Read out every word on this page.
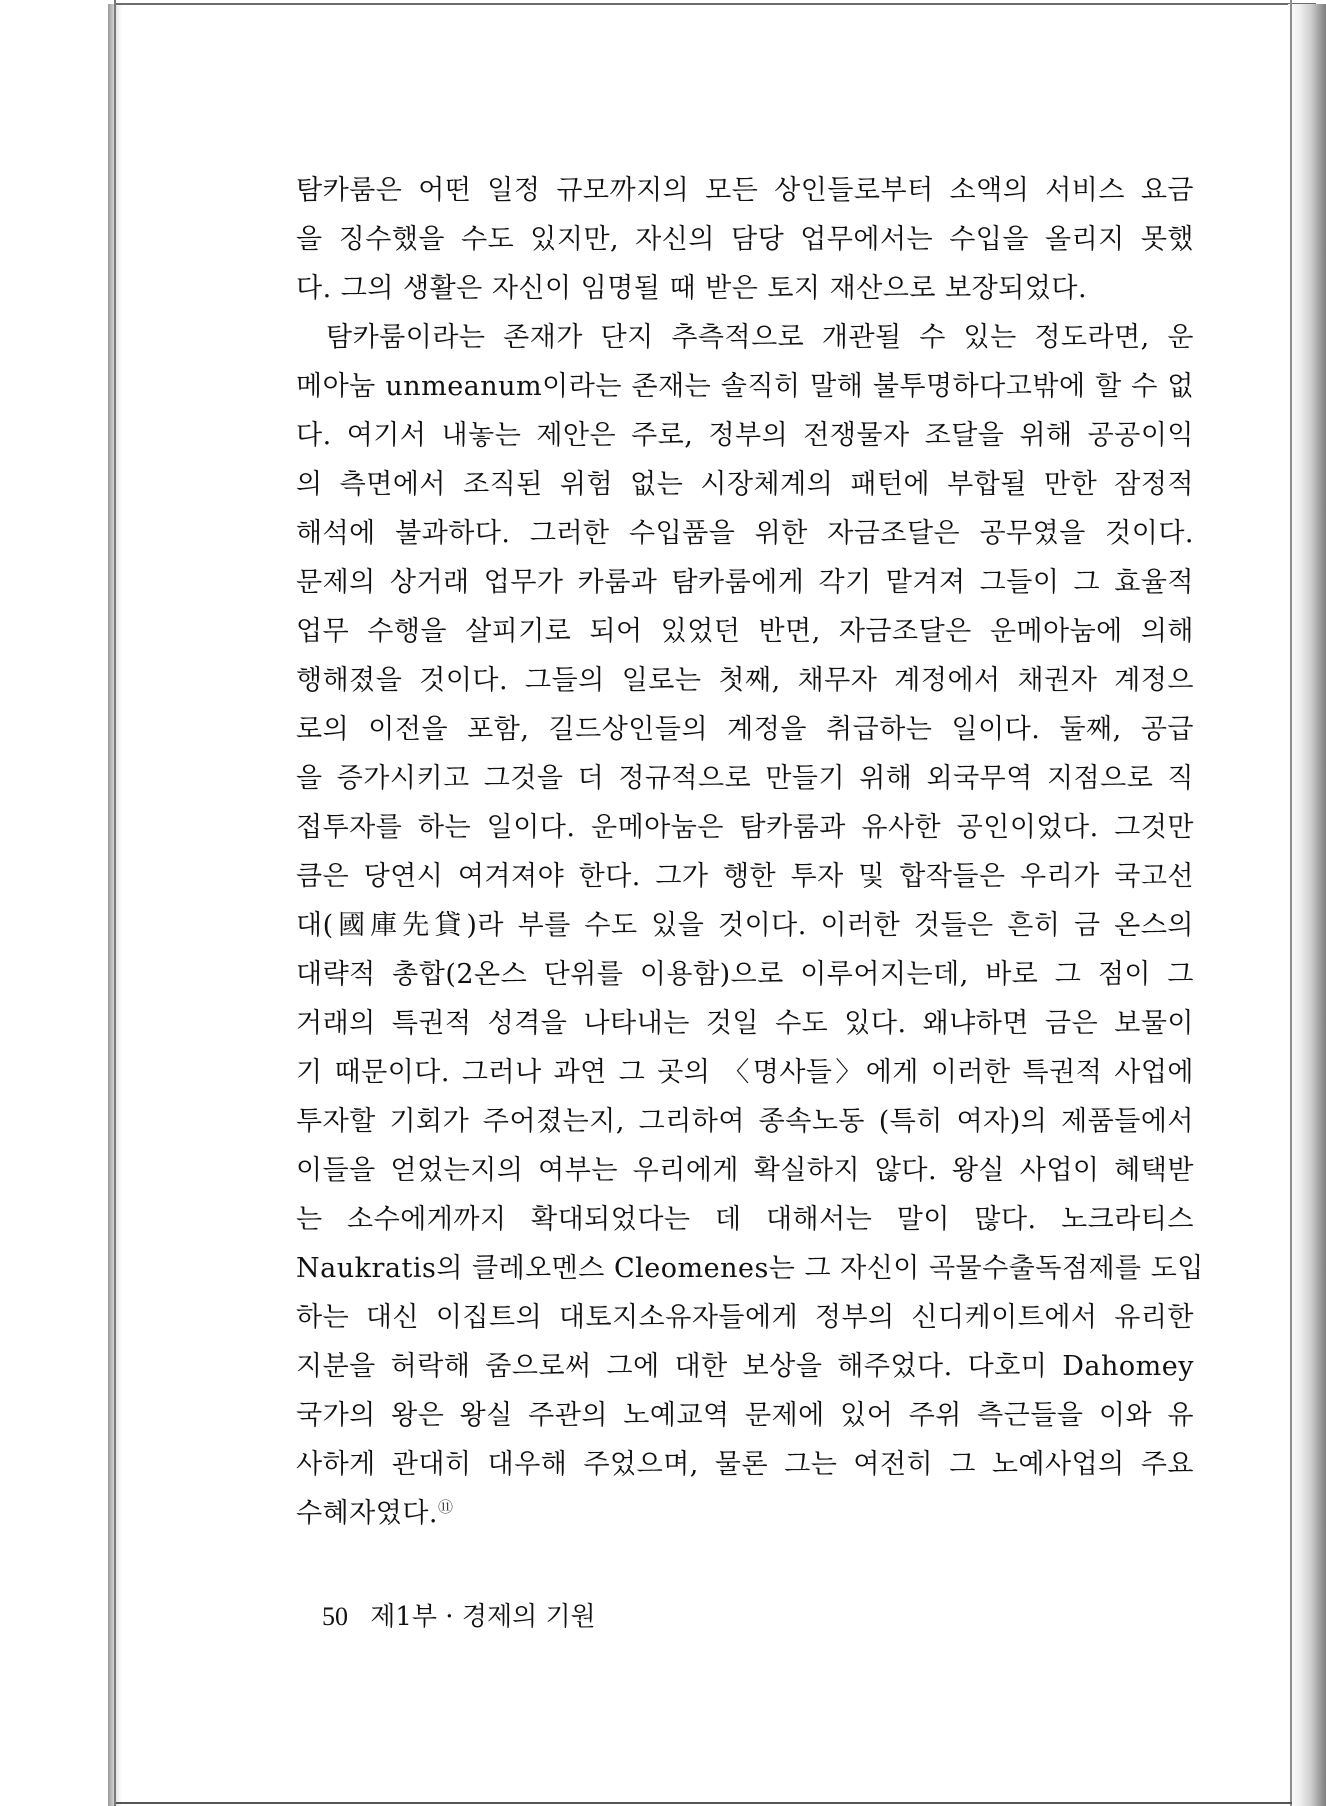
탐카룸은 어떤 일정 규모까지의 모든 상인들로부터 소액의 서비스 요금
을 징수했을 수도 있지만, 자신의 담당 업무에서는 수입을 올리지 못했
다. 그의 생활은 자신이 임명될 때 받은 토지 재산으로 보장되었다.
탐카룸이라는 존재가 단지 추측적으로 개관될 수 있는 정도라면, 운
메아눔 unmeanum이라는 존재는 솔직히 말해 불투명하다고밖에 할 수 없
다. 여기서 내놓는 제안은 주로, 정부의 전쟁물자 조달을 위해 공공이익
의 측면에서 조직된 위험 없는 시장체계의 패턴에 부합될 만한 잠정적
해석에 불과하다. 그러한 수입품을 위한 자금조달은 공무였을 것이다.
문제의 상거래 업무가 카룸과 탐카룸에게 각기 맡겨져 그들이 그 효율적
업무 수행을 살피기로 되어 있었던 반면, 자금조달은 운메아눔에 의해
행해졌을 것이다. 그들의 일로는 첫째, 채무자 계정에서 채권자 계정으
로의 이전을 포함, 길드상인들의 계정을 취급하는 일이다. 둘째, 공급
을 증가시키고 그것을 더 정규적으로 만들기 위해 외국무역 지점으로 직
접투자를 하는 일이다. 운메아눔은 탐카룸과 유사한 공인이었다. 그것만
큼은 당연시 여겨져야 한다. 그가 행한 투자 및 합작들은 우리가 국고선
대(國庫先貸)라 부를 수도 있을 것이다. 이러한 것들은 흔히 금 온스의
대략적 총합(2온스 단위를 이용함)으로 이루어지는데, 바로 그 점이 그
거래의 특권적 성격을 나타내는 것일 수도 있다. 왜냐하면 금은 보물이
기 때문이다. 그러나 과연 그 곳의 〈명사들〉에게 이러한 특권적 사업에
투자할 기회가 주어졌는지, 그리하여 종속노동 (특히 여자)의 제품들에서
이들을 얻었는지의 여부는 우리에게 확실하지 않다. 왕실 사업이 혜택받
는 소수에게까지 확대되었다는 데 대해서는 말이 많다. 노크라티스
Naukratis의 클레오멘스 Cleomenes는 그 자신이 곡물수출독점제를 도입
하는 대신 이집트의 대토지소유자들에게 정부의 신디케이트에서 유리한
지분을 허락해 줌으로써 그에 대한 보상을 해주었다. 다호미 Dahomey
국가의 왕은 왕실 주관의 노예교역 문제에 있어 주위 측근들을 이와 유
사하게 관대히 대우해 주었으며, 물론 그는 여전히 그 노예사업의 주요
수혜자였다.⑪
50 제1부 · 경제의 기원
